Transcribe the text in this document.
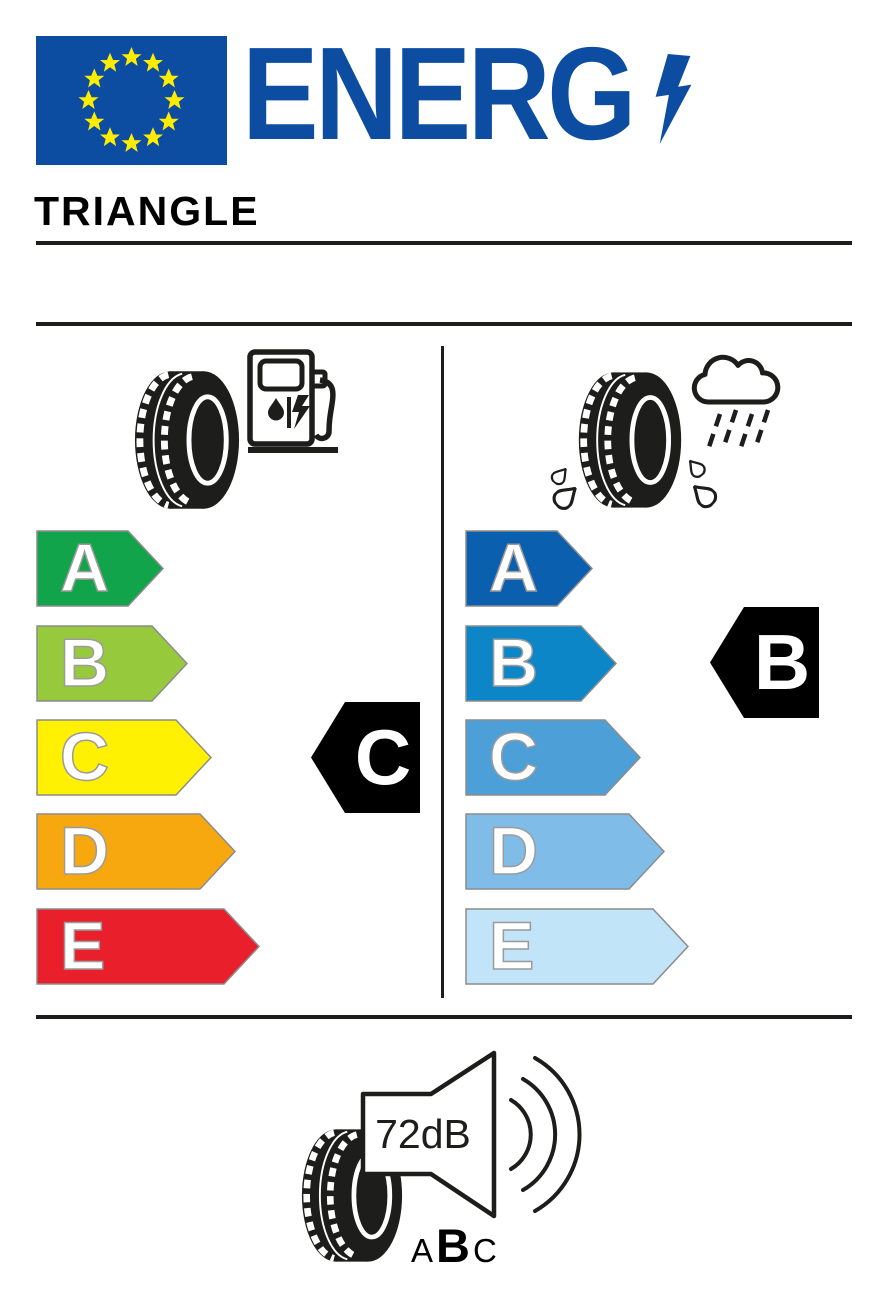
ENERG
TRIANGLE
A
B
C
D
E
C
A
B
C
D
E
B
72dB
A B C
